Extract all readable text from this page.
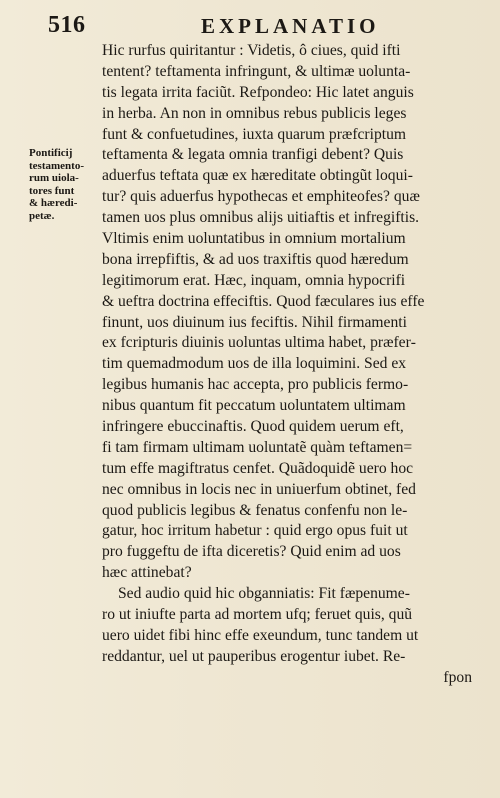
516	EXPLANATIO
Pontificij
testamento‐
rum uiola‐
tores funt
& hæredi‐
petæ.
Hic rurfus quiritantur : Videtis, ô ciues, quid ifti
tentent? teftamenta infringunt, & ultimæ uolunta‐
tis legata irrita faciũt. Refpondeo: Hic latet anguis
in herba. An non in omnibus rebus publicis leges
funt & confuetudines, iuxta quarum præfcriptum
teftamenta & legata omnia tranfigi debent? Quis
aduerfus teftata quæ ex hæreditate obtingũt loqui‐
tur? quis aduerfus hypothecas et emphiteofes? quæ
tamen uos plus omnibus alijs uitiaftis et infregiftis.
Vltimis enim uoluntatibus in omnium mortalium
bona irrepfiftis, & ad uos traxiftis quod hæredum
legitimorum erat. Hæc, inquam, omnia hypocrifi
& ueftra doctrina effeciftis. Quod fæculares ius effe
finunt, uos diuinum ius feciftis. Nihil firmamenti
ex fcripturis diuinis uoluntas ultima habet, præfer‐
tim quemadmodum uos de illa loquimini. Sed ex
legibus humanis hac accepta, pro publicis fermo‐
nibus quantum fit peccatum uoluntatem ultimam
infringere ebuccinaftis. Quod quidem uerum eft,
fi tam firmam ultimam uoluntatẽ quàm teftamen=
tum effe magiftratus cenfet. Quãdoquidẽ uero hoc
nec omnibus in locis nec in uniuerfum obtinet, fed
quod publicis legibus & fenatus confenfu non le‐
gatur, hoc irritum habetur : quid ergo opus fuit ut
pro fuggeftu de ifta diceretis? Quid enim ad uos
hæc attinebat?
Sed audio quid hic obganniatis: Fit fæpenume‐
ro ut iniufte parta ad mortem ufq; feruet quis, quũ
uero uidet fibi hinc effe exeundum, tunc tandem ut
reddantur, uel ut pauperibus erogentur iubet. Re‐
fpon
